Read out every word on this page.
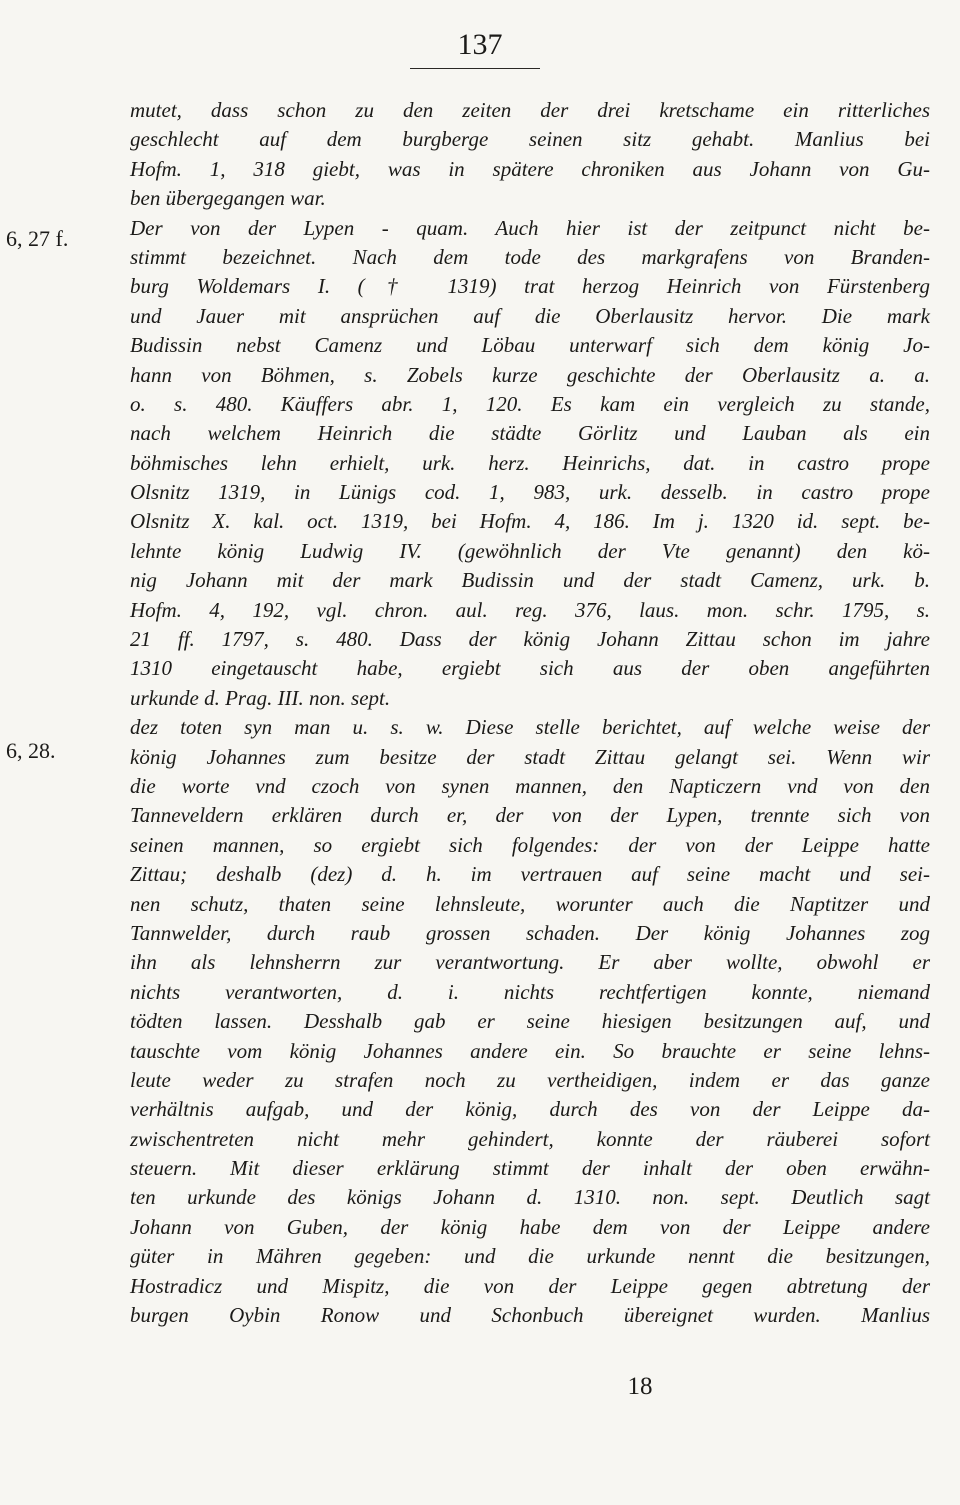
137
6, 27 f.
6, 28.
mutet, dass schon zu den zeiten der drei kretschame ein ritterliches
geschlecht auf dem burgberge seinen sitz gehabt. Manlius bei
Hofm. 1, 318 giebt, was in spätere chroniken aus Johann von Gu-
ben übergegangen war.
Der von der Lypen - quam. Auch hier ist der zeitpunct nicht be-
stimmt bezeichnet. Nach dem tode des markgrafens von Branden-
burg Woldemars I. († 1319) trat herzog Heinrich von Fürstenberg
und Jauer mit ansprüchen auf die Oberlausitz hervor. Die mark
Budissin nebst Camenz und Löbau unterwarf sich dem könig Jo-
hann von Böhmen, s. Zobels kurze geschichte der Oberlausitz a. a.
o. s. 480. Käuffers abr. 1, 120. Es kam ein vergleich zu stande,
nach welchem Heinrich die städte Görlitz und Lauban als ein
böhmisches lehn erhielt, urk. herz. Heinrichs, dat. in castro prope
Olsnitz 1319, in Lünigs cod. 1, 983, urk. desselb. in castro prope
Olsnitz X. kal. oct. 1319, bei Hofm. 4, 186. Im j. 1320 id. sept. be-
lehnte könig Ludwig IV. (gewöhnlich der Vte genannt) den kö-
nig Johann mit der mark Budissin und der stadt Camenz, urk. b.
Hofm. 4, 192, vgl. chron. aul. reg. 376, laus. mon. schr. 1795, s.
21 ff. 1797, s. 480. Dass der könig Johann Zittau schon im jahre
1310 eingetauscht habe, ergiebt sich aus der oben angeführten
urkunde d. Prag. III. non. sept.
dez toten syn man u. s. w. Diese stelle berichtet, auf welche weise der
könig Johannes zum besitze der stadt Zittau gelangt sei. Wenn wir
die worte vnd czoch von synen mannen, den Napticzern vnd von den
Tanneveldern erklären durch er, der von der Lypen, trennte sich von
seinen mannen, so ergiebt sich folgendes: der von der Leippe hatte
Zittau; deshalb (dez) d. h. im vertrauen auf seine macht und sei-
nen schutz, thaten seine lehnsleute, worunter auch die Naptitzer und
Tannwelder, durch raub grossen schaden. Der könig Johannes zog
ihn als lehnsherrn zur verantwortung. Er aber wollte, obwohl er
nichts verantworten, d. i. nichts rechtfertigen konnte, niemand
tödten lassen. Desshalb gab er seine hiesigen besitzungen auf, und
tauschte vom könig Johannes andere ein. So brauchte er seine lehns-
leute weder zu strafen noch zu vertheidigen, indem er das ganze
verhältnis aufgab, und der könig, durch des von der Leippe da-
zwischentreten nicht mehr gehindert, konnte der räuberei sofort
steuern. Mit dieser erklärung stimmt der inhalt der oben erwähn-
ten urkunde des königs Johann d. 1310. non. sept. Deutlich sagt
Johann von Guben, der könig habe dem von der Leippe andere
güter in Mähren gegeben: und die urkunde nennt die besitzungen,
Hostradicz und Mispitz, die von der Leippe gegen abtretung der
burgen Oybin Ronow und Schonbuch übereignet wurden. Manlius
18
